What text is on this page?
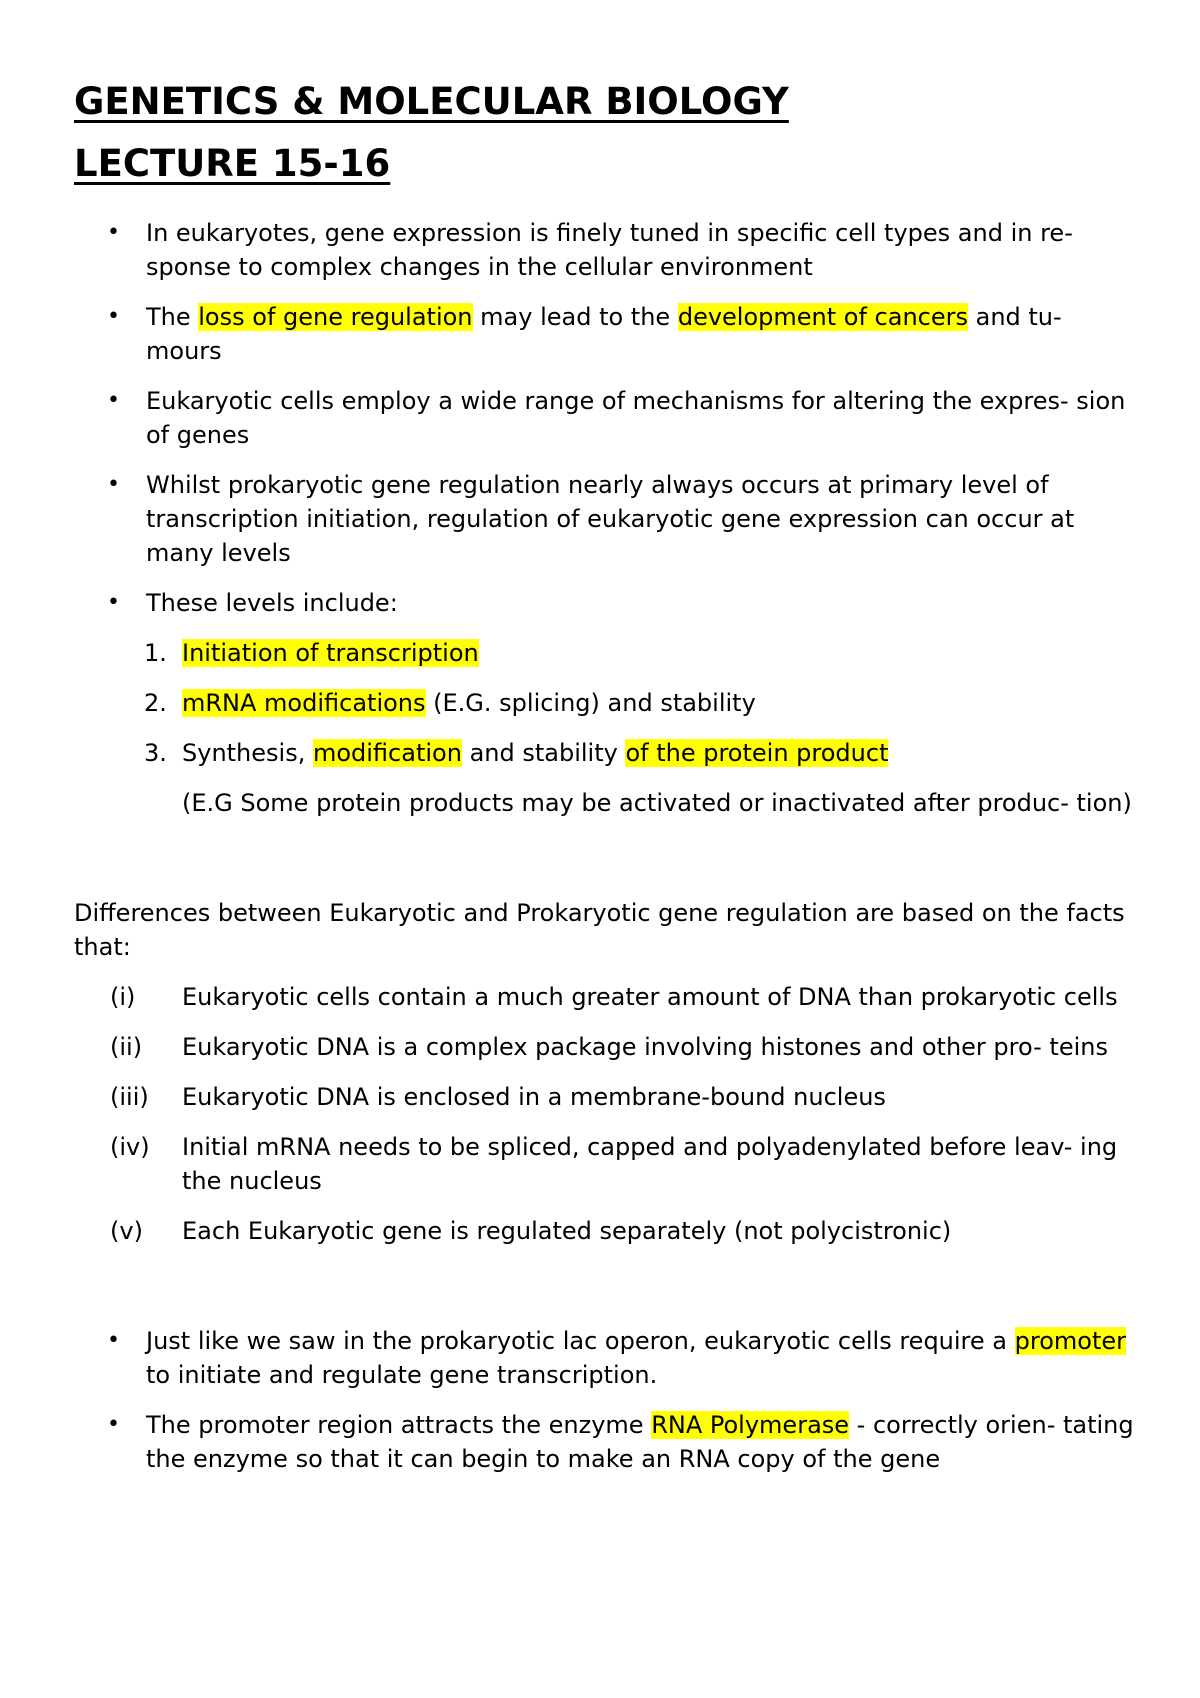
GENETICS & MOLECULAR BIOLOGY
LECTURE 15-16
• In eukaryotes, gene expression is finely tuned in specific cell types and in re- sponse to complex changes in the cellular environment
• The loss of gene regulation may lead to the development of cancers and tu- mours
• Eukaryotic cells employ a wide range of mechanisms for altering the expres- sion of genes
• Whilst prokaryotic gene regulation nearly always occurs at primary level of transcription initiation, regulation of eukaryotic gene expression can occur at many levels
• These levels include:
1. Initiation of transcription
2. mRNA modifications (E.G. splicing) and stability
3. Synthesis, modification and stability of the protein product
(E.G Some protein products may be activated or inactivated after produc- tion)
Differences between Eukaryotic and Prokaryotic gene regulation are based on the facts that:
(i) Eukaryotic cells contain a much greater amount of DNA than prokaryotic cells
(ii) Eukaryotic DNA is a complex package involving histones and other pro- teins
(iii) Eukaryotic DNA is enclosed in a membrane-bound nucleus
(iv) Initial mRNA needs to be spliced, capped and polyadenylated before leav- ing the nucleus
(v) Each Eukaryotic gene is regulated separately (not polycistronic)
• Just like we saw in the prokaryotic lac operon, eukaryotic cells require a promoter to initiate and regulate gene transcription.
• The promoter region attracts the enzyme RNA Polymerase - correctly orien- tating the enzyme so that it can begin to make an RNA copy of the gene
